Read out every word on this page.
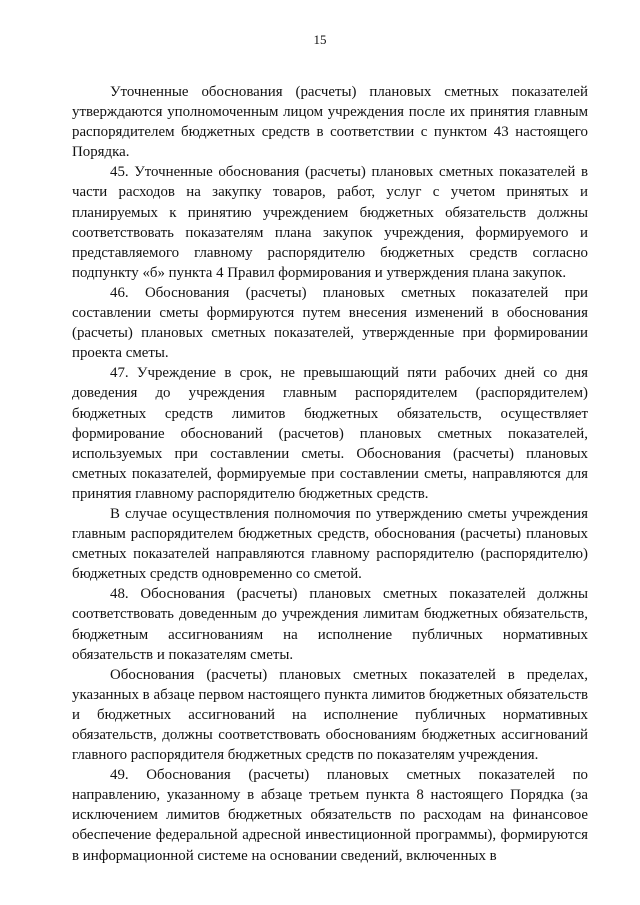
15

Уточненные обоснования (расчеты) плановых сметных показателей утверждаются уполномоченным лицом учреждения после их принятия главным распорядителем бюджетных средств в соответствии с пунктом 43 настоящего Порядка.

45. Уточненные обоснования (расчеты) плановых сметных показателей в части расходов на закупку товаров, работ, услуг с учетом принятых и планируемых к принятию учреждением бюджетных обязательств должны соответствовать показателям плана закупок учреждения, формируемого и представляемого главному распорядителю бюджетных средств согласно подпункту «б» пункта 4 Правил формирования и утверждения плана закупок.

46. Обоснования (расчеты) плановых сметных показателей при составлении сметы формируются путем внесения изменений в обоснования (расчеты) плановых сметных показателей, утвержденные при формировании проекта сметы.

47. Учреждение в срок, не превышающий пяти рабочих дней со дня доведения до учреждения главным распорядителем (распорядителем) бюджетных средств лимитов бюджетных обязательств, осуществляет формирование обоснований (расчетов) плановых сметных показателей, используемых при составлении сметы. Обоснования (расчеты) плановых сметных показателей, формируемые при составлении сметы, направляются для принятия главному распорядителю бюджетных средств.

В случае осуществления полномочия по утверждению сметы учреждения главным распорядителем бюджетных средств, обоснования (расчеты) плановых сметных показателей направляются главному распорядителю (распорядителю) бюджетных средств одновременно со сметой.

48. Обоснования (расчеты) плановых сметных показателей должны соответствовать доведенным до учреждения лимитам бюджетных обязательств, бюджетным ассигнованиям на исполнение публичных нормативных обязательств и показателям сметы.

Обоснования (расчеты) плановых сметных показателей в пределах, указанных в абзаце первом настоящего пункта лимитов бюджетных обязательств и бюджетных ассигнований на исполнение публичных нормативных обязательств, должны соответствовать обоснованиям бюджетных ассигнований главного распорядителя бюджетных средств по показателям учреждения.

49. Обоснования (расчеты) плановых сметных показателей по направлению, указанному в абзаце третьем пункта 8 настоящего Порядка (за исключением лимитов бюджетных обязательств по расходам на финансовое обеспечение федеральной адресной инвестиционной программы), формируются в информационной системе на основании сведений, включенных в
